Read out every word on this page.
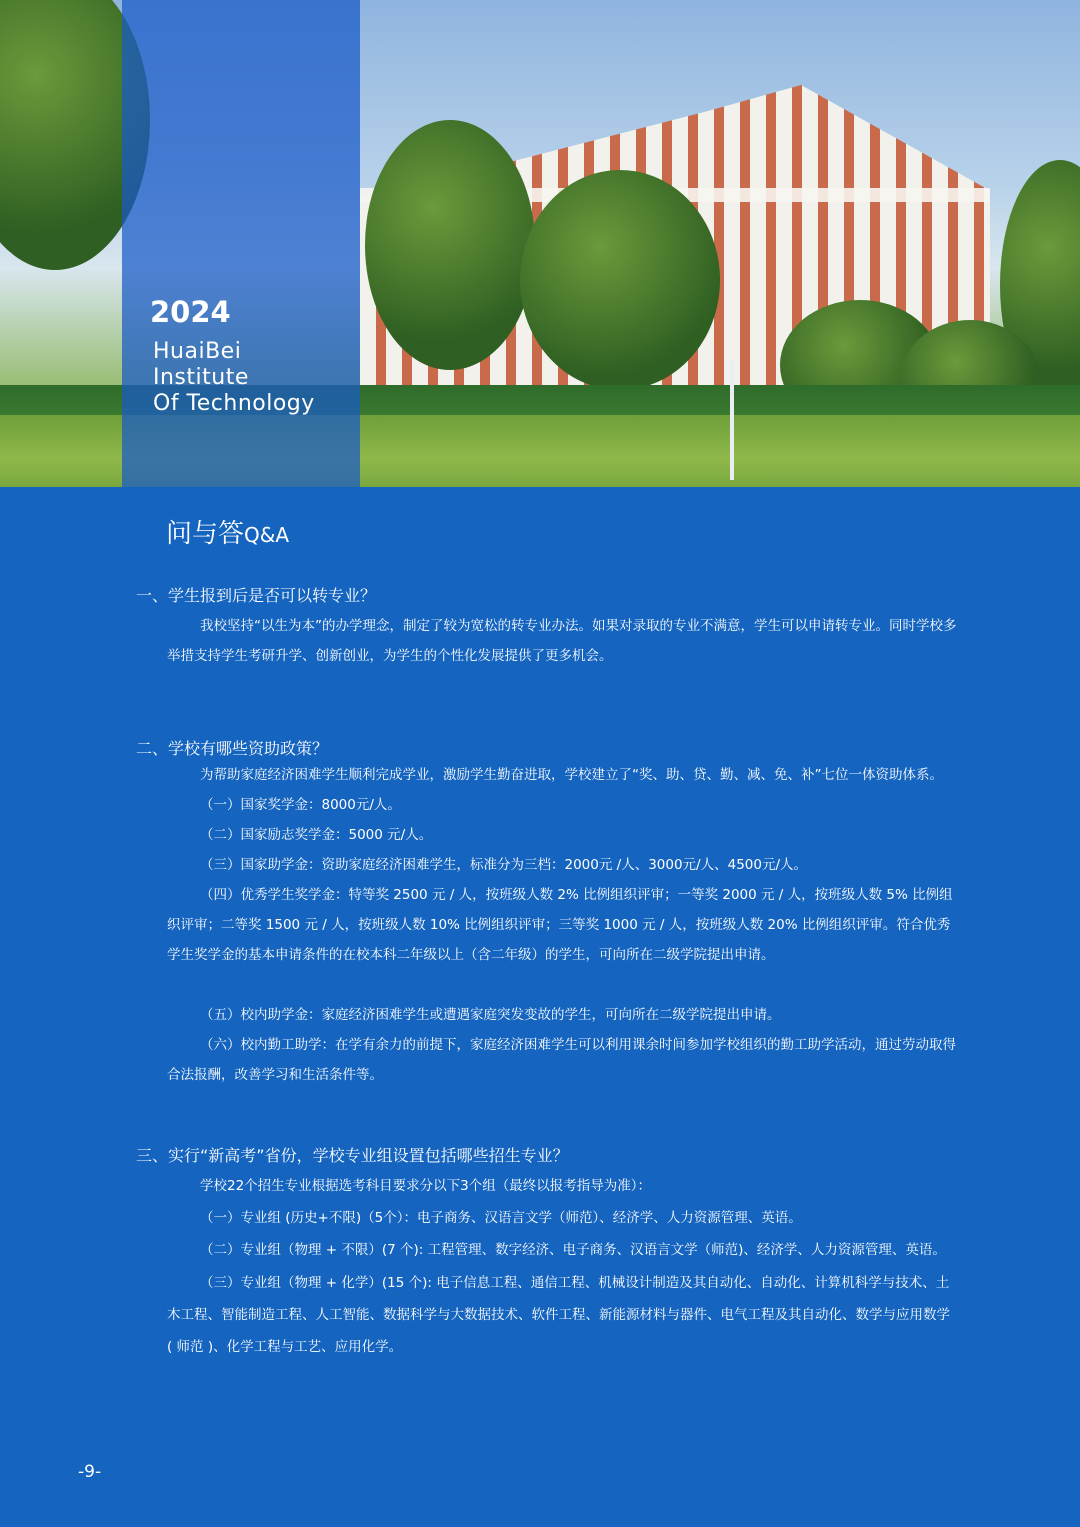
2024
HuaiBei
Institute
Of Technology
问与答Q&A
一、学生报到后是否可以转专业？
我校坚持“以生为本”的办学理念，制定了较为宽松的转专业办法。如果对录取的专业不满意，学生可以申请转专业。同时学校多举措支持学生考研升学、创新创业，为学生的个性化发展提供了更多机会。
二、学校有哪些资助政策？
为帮助家庭经济困难学生顺利完成学业，激励学生勤奋进取，学校建立了“奖、助、贷、勤、减、免、补”七位一体资助体系。
（一）国家奖学金：8000元/人。
（二）国家励志奖学金：5000 元/人。
（三）国家助学金：资助家庭经济困难学生，标准分为三档：2000元 /人、3000元/人、4500元/人。
（四）优秀学生奖学金：特等奖 2500 元 / 人，按班级人数 2% 比例组织评审；一等奖 2000 元 / 人，按班级人数 5% 比例组织评审；二等奖 1500 元 / 人，按班级人数 10% 比例组织评审；三等奖 1000 元 / 人，按班级人数 20% 比例组织评审。符合优秀学生奖学金的基本申请条件的在校本科二年级以上（含二年级）的学生，可向所在二级学院提出申请。
（五）校内助学金：家庭经济困难学生或遭遇家庭突发变故的学生，可向所在二级学院提出申请。
（六）校内勤工助学：在学有余力的前提下，家庭经济困难学生可以利用课余时间参加学校组织的勤工助学活动，通过劳动取得合法报酬，改善学习和生活条件等。
三、实行“新高考”省份，学校专业组设置包括哪些招生专业？
学校22个招生专业根据选考科目要求分以下3个组（最终以报考指导为准）：
（一）专业组 (历史+不限)（5个）：电子商务、汉语言文学（师范）、经济学、人力资源管理、英语。
（二）专业组（物理 + 不限）(7 个): 工程管理、数字经济、电子商务、汉语言文学（师范)、经济学、人力资源管理、英语。
（三）专业组（物理 + 化学）(15 个): 电子信息工程、通信工程、机械设计制造及其自动化、自动化、计算机科学与技术、土木工程、智能制造工程、人工智能、数据科学与大数据技术、软件工程、新能源材料与器件、电气工程及其自动化、数学与应用数学 ( 师范 )、化学工程与工艺、应用化学。
-9-
